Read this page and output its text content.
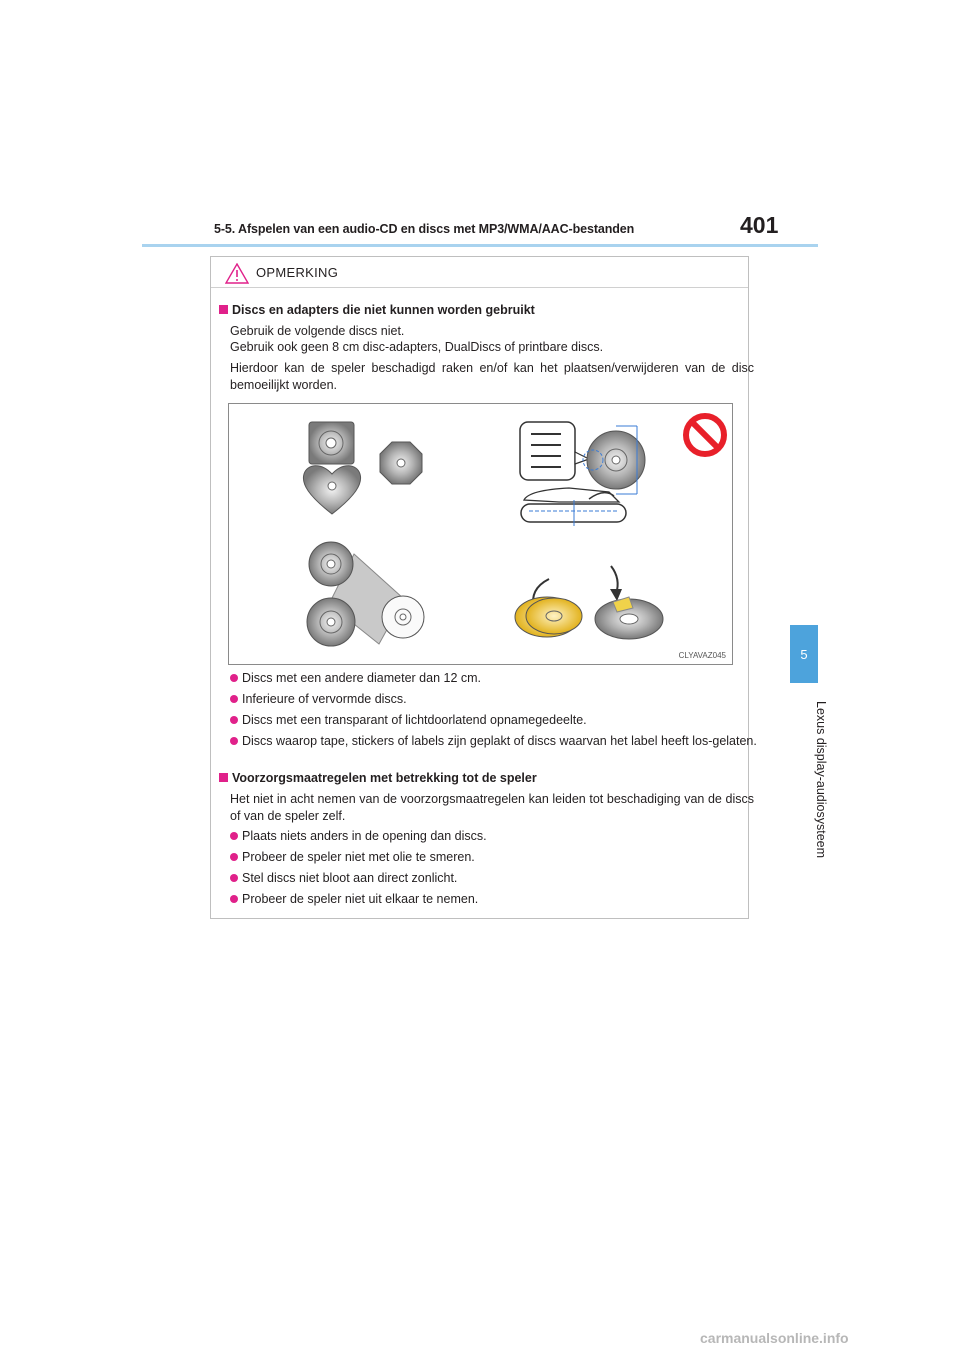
5-5. Afspelen van een audio-CD en discs met MP3/WMA/AAC-bestanden	401
5
Lexus display-audiosysteem
OPMERKING
Discs en adapters die niet kunnen worden gebruikt
Gebruik de volgende discs niet.
Gebruik ook geen 8 cm disc-adapters, DualDiscs of printbare discs.
Hierdoor kan de speler beschadigd raken en/of kan het plaatsen/verwijderen van de disc bemoeilijkt worden.
CLYAVAZ045
Discs met een andere diameter dan 12 cm.
Inferieure of vervormde discs.
Discs met een transparant of lichtdoorlatend opnamegedeelte.
Discs waarop tape, stickers of labels zijn geplakt of discs waarvan het label heeft los-gelaten.
Voorzorgsmaatregelen met betrekking tot de speler
Het niet in acht nemen van de voorzorgsmaatregelen kan leiden tot beschadiging van de discs of van de speler zelf.
Plaats niets anders in de opening dan discs.
Probeer de speler niet met olie te smeren.
Stel discs niet bloot aan direct zonlicht.
Probeer de speler niet uit elkaar te nemen.
carmanualsonline.info
